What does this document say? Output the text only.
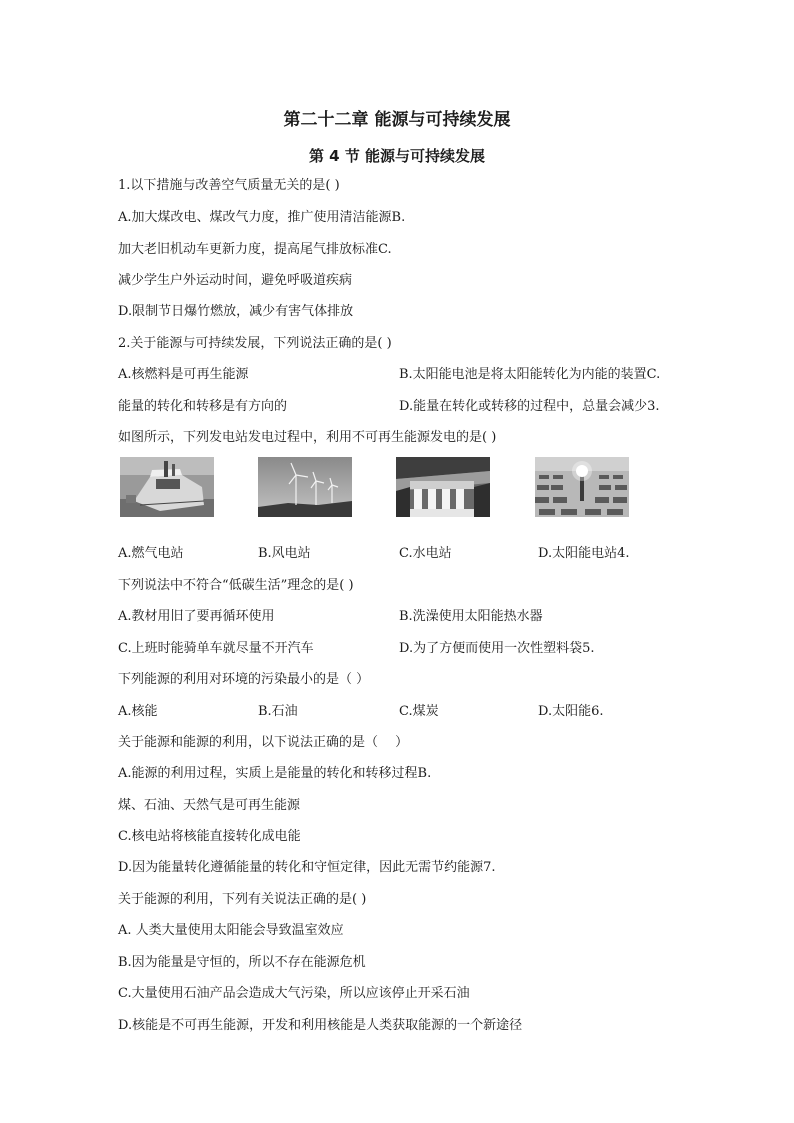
第二十二章 能源与可持续发展
第 4 节 能源与可持续发展
1.以下措施与改善空气质量无关的是( )
A.加大煤改电、煤改气力度，推广使用清洁能源B.
加大老旧机动车更新力度，提高尾气排放标准C.
减少学生户外运动时间，避免呼吸道疾病
D.限制节日爆竹燃放，减少有害气体排放
2.关于能源与可持续发展，下列说法正确的是( )
A.核燃料是可再生能源	B.太阳能电池是将太阳能转化为内能的装置C.
能量的转化和转移是有方向的	D.能量在转化或转移的过程中，总量会减少3.
如图所示，下列发电站发电过程中，利用不可再生能源发电的是( )
A.燃气电站	B.风电站	C.水电站	D.太阳能电站4.
下列说法中不符合“低碳生活”理念的是( )
A.教材用旧了要再循环使用	B.洗澡使用太阳能热水器
C.上班时能骑单车就尽量不开汽车	D.为了方便而使用一次性塑料袋5.
下列能源的利用对环境的污染最小的是（ ）
A.核能	B.石油	C.煤炭	D.太阳能6.
关于能源和能源的利用，以下说法正确的是（　 ）
A.能源的利用过程，实质上是能量的转化和转移过程B.
煤、石油、天然气是可再生能源
C.核电站将核能直接转化成电能
D.因为能量转化遵循能量的转化和守恒定律，因此无需节约能源7.
关于能源的利用，下列有关说法正确的是( )
A. 人类大量使用太阳能会导致温室效应
B.因为能量是守恒的，所以不存在能源危机
C.大量使用石油产品会造成大气污染，所以应该停止开采石油
D.核能是不可再生能源，开发和利用核能是人类获取能源的一个新途径
